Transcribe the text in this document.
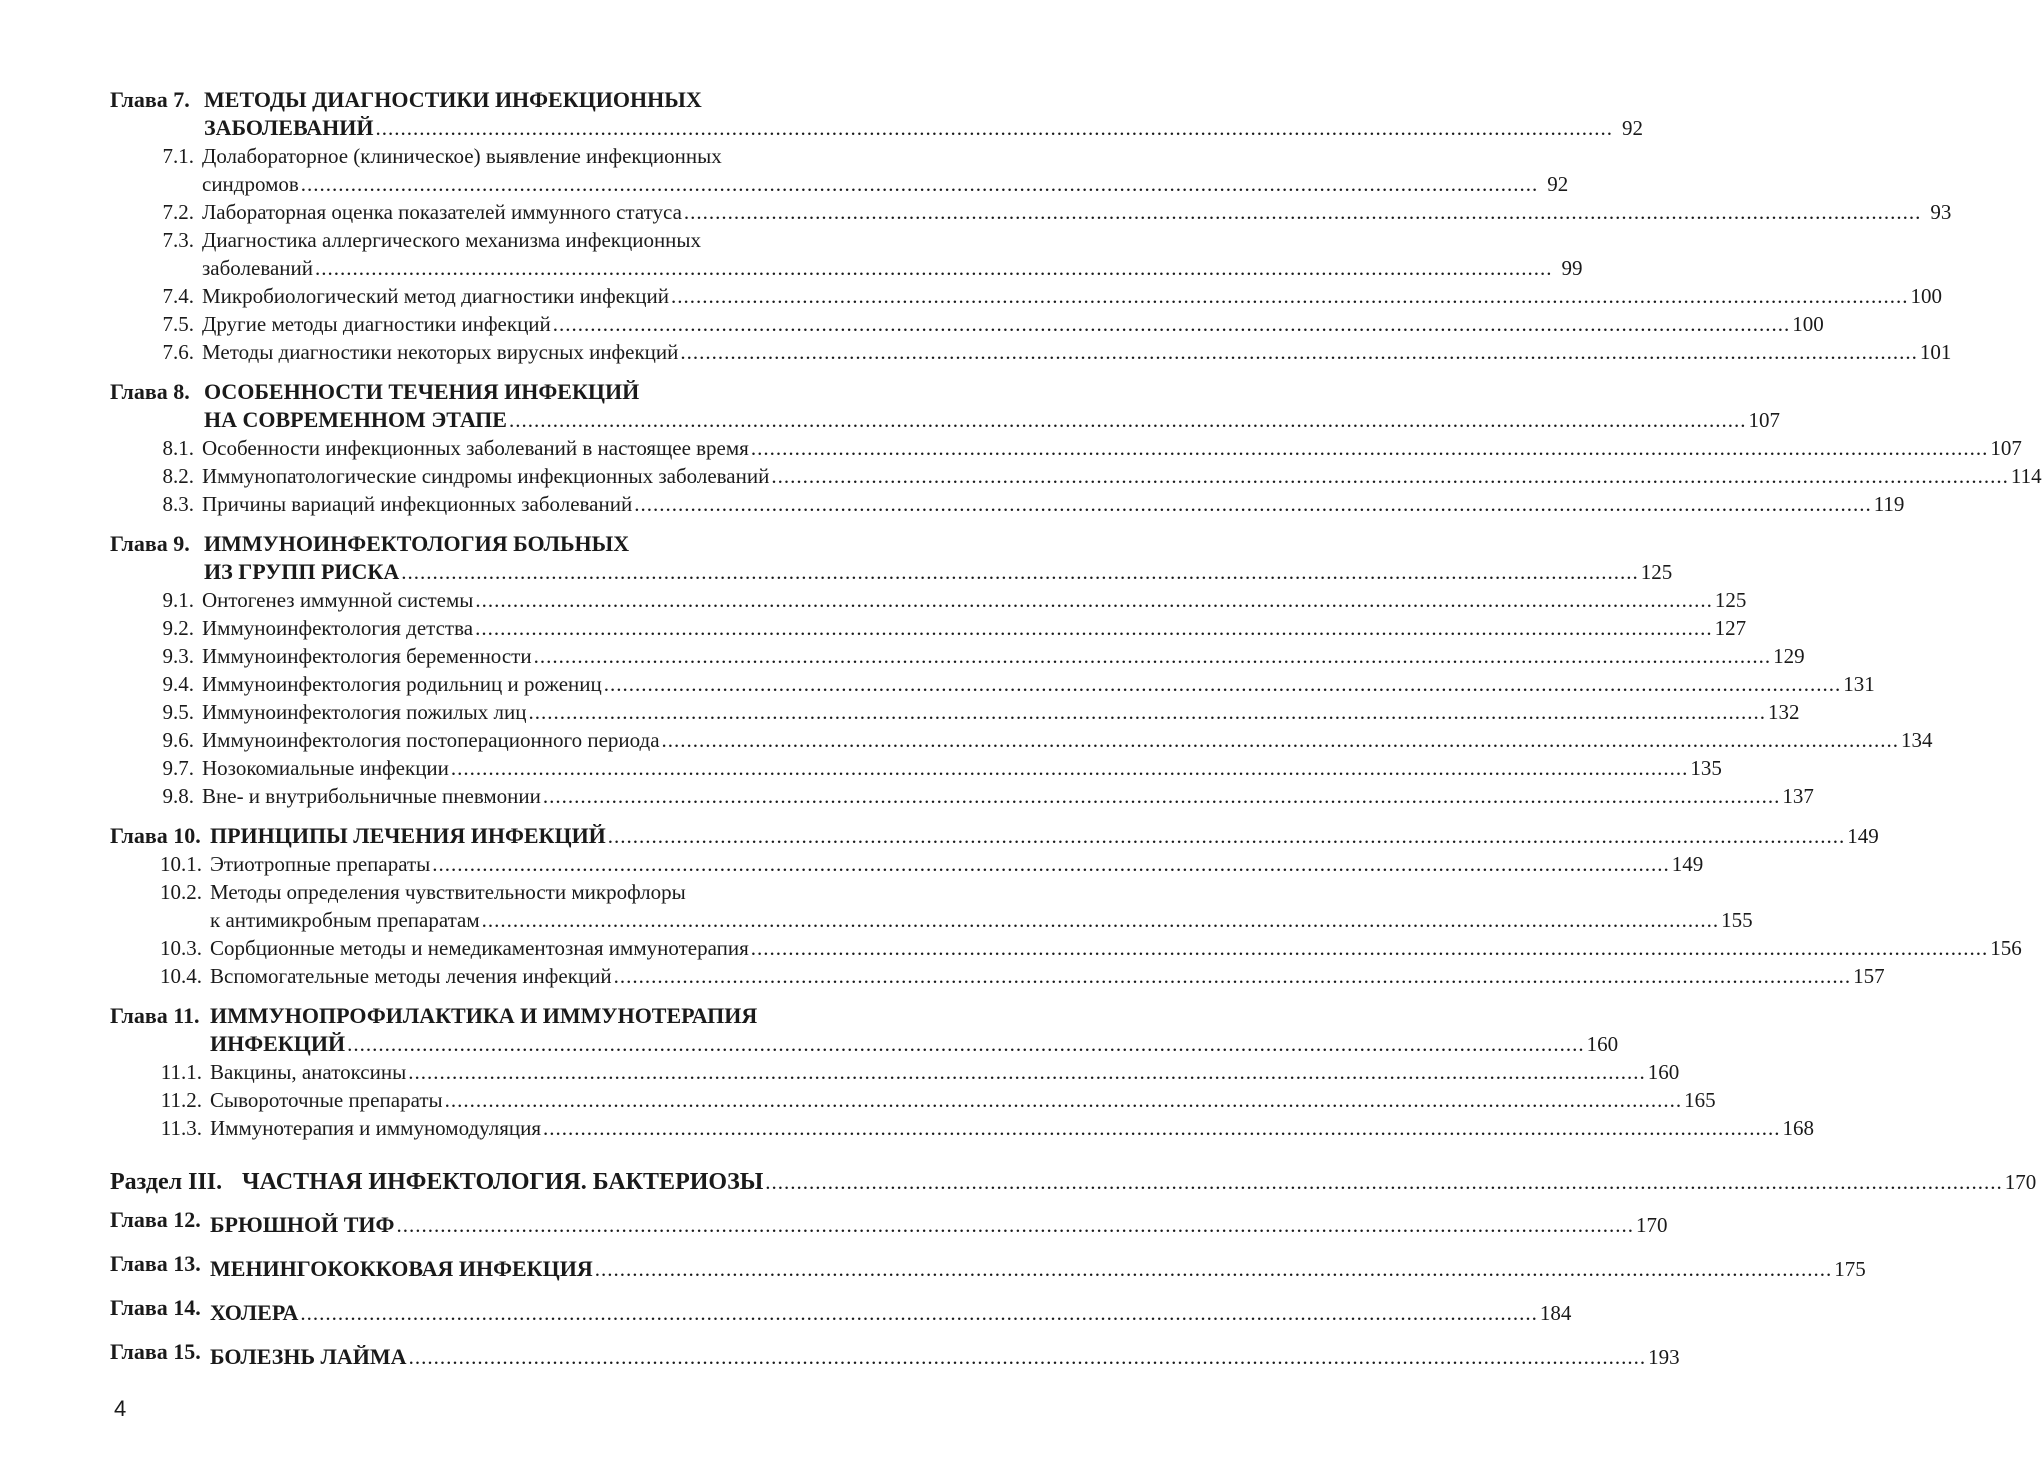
Глава 7. МЕТОДЫ ДИАГНОСТИКИ ИНФЕКЦИОННЫХ
ЗАБОЛЕВАНИЙ .....	92
7.1. Долабораторное (клиническое) выявление инфекционных
синдромов .....	92
7.2. Лабораторная оценка показателей иммунного статуса .....	93
7.3. Диагностика аллергического механизма инфекционных
заболеваний .....	99
7.4. Микробиологический метод диагностики инфекций .....	100
7.5. Другие методы диагностики инфекций .....	100
7.6. Методы диагностики некоторых вирусных инфекций .....	101
Глава 8. ОСОБЕННОСТИ ТЕЧЕНИЯ ИНФЕКЦИЙ
НА СОВРЕМЕННОМ ЭТАПЕ .....	107
8.1. Особенности инфекционных заболеваний в настоящее время .....	107
8.2. Иммунопатологические синдромы инфекционных заболеваний .....	114
8.3. Причины вариаций инфекционных заболеваний .....	119
Глава 9. ИММУНОИНФЕКТОЛОГИЯ БОЛЬНЫХ
ИЗ ГРУПП РИСКА .....	125
9.1. Онтогенез иммунной системы .....	125
9.2. Иммуноинфектология детства .....	127
9.3. Иммуноинфектология беременности .....	129
9.4. Иммуноинфектология родильниц и рожениц .....	131
9.5. Иммуноинфектология пожилых лиц .....	132
9.6. Иммуноинфектология постоперационного периода .....	134
9.7. Нозокомиальные инфекции .....	135
9.8. Вне- и внутрибольничные пневмонии .....	137
Глава 10. ПРИНЦИПЫ ЛЕЧЕНИЯ ИНФЕКЦИЙ .....	149
10.1. Этиотропные препараты .....	149
10.2. Методы определения чувствительности микрофлоры
к антимикробным препаратам .....	155
10.3. Сорбционные методы и немедикаментозная иммунотерапия .....	156
10.4. Вспомогательные методы лечения инфекций .....	157
Глава 11. ИММУНОПРОФИЛАКТИКА И ИММУНОТЕРАПИЯ
ИНФЕКЦИЙ .....	160
11.1. Вакцины, анатоксины .....	160
11.2. Сывороточные препараты .....	165
11.3. Иммунотерапия и иммуномодуляция .....	168
Раздел III. ЧАСТНАЯ ИНФЕКТОЛОГИЯ. БАКТЕРИОЗЫ .....	170
Глава 12. БРЮШНОЙ ТИФ .....	170
Глава 13. МЕНИНГОКОККОВАЯ ИНФЕКЦИЯ .....	175
Глава 14. ХОЛЕРА .....	184
Глава 15. БОЛЕЗНЬ ЛАЙМА .....	193
4
